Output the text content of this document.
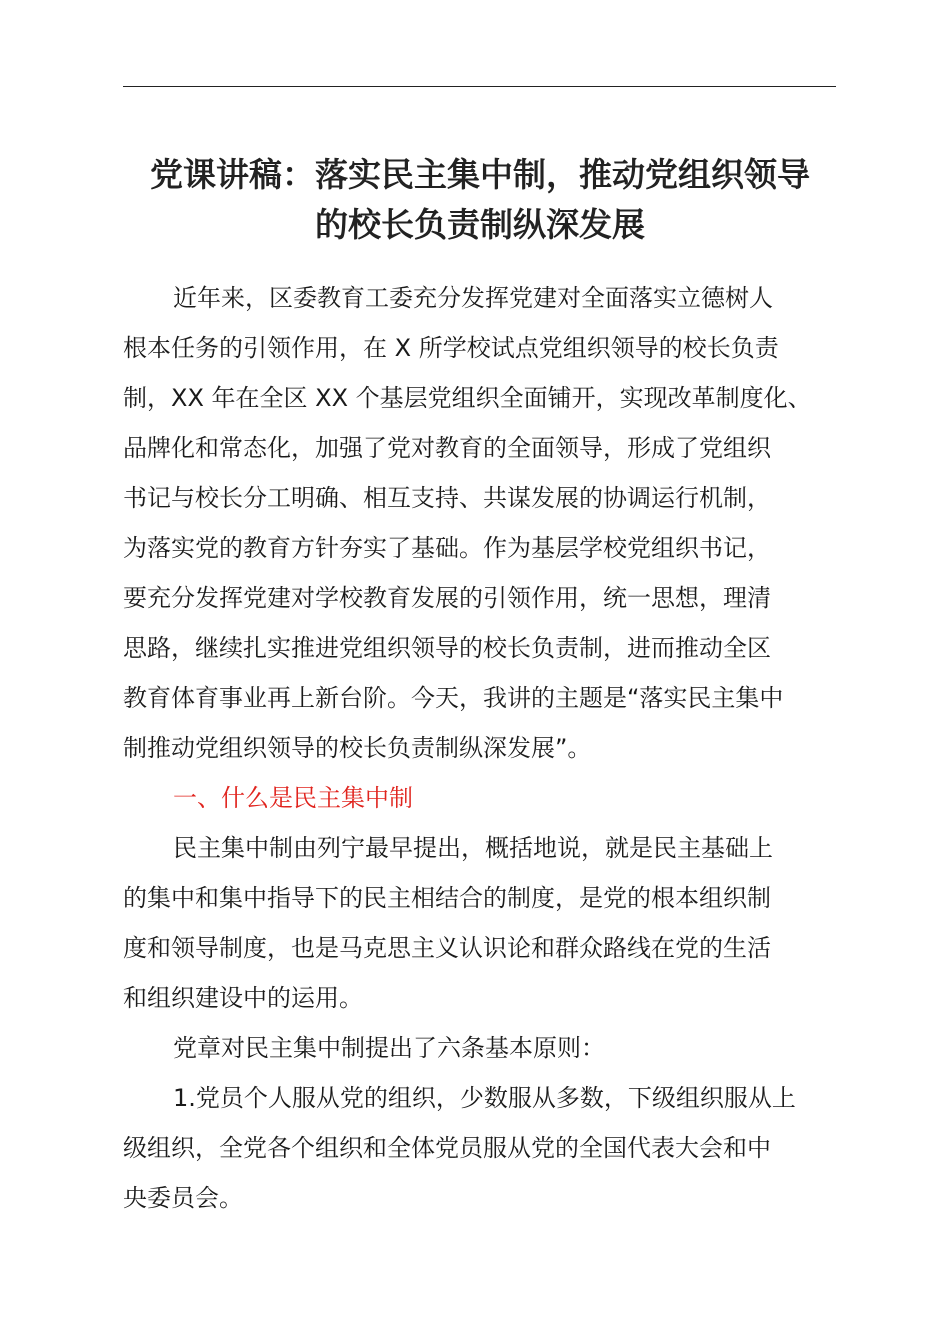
党课讲稿：落实民主集中制，推动党组织领导
的校长负责制纵深发展
近年来，区委教育工委充分发挥党建对全面落实立德树人
根本任务的引领作用，在 X 所学校试点党组织领导的校长负责
制，XX 年在全区 XX 个基层党组织全面铺开，实现改革制度化、
品牌化和常态化，加强了党对教育的全面领导，形成了党组织
书记与校长分工明确、相互支持、共谋发展的协调运行机制，
为落实党的教育方针夯实了基础。作为基层学校党组织书记，
要充分发挥党建对学校教育发展的引领作用，统一思想，理清
思路，继续扎实推进党组织领导的校长负责制，进而推动全区
教育体育事业再上新台阶。今天，我讲的主题是“落实民主集中
制推动党组织领导的校长负责制纵深发展”。
一、什么是民主集中制
民主集中制由列宁最早提出，概括地说，就是民主基础上
的集中和集中指导下的民主相结合的制度，是党的根本组织制
度和领导制度，也是马克思主义认识论和群众路线在党的生活
和组织建设中的运用。
党章对民主集中制提出了六条基本原则：
1.党员个人服从党的组织，少数服从多数，下级组织服从上
级组织，全党各个组织和全体党员服从党的全国代表大会和中
央委员会。
